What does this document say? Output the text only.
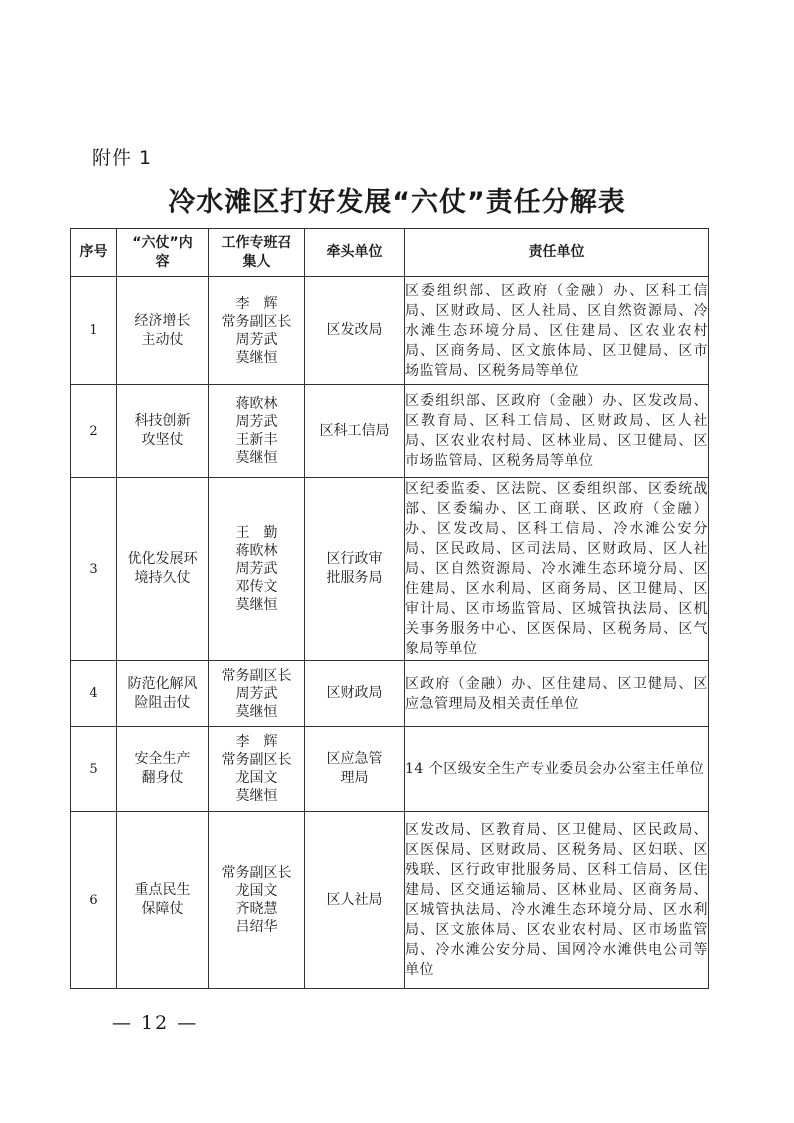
附件 1
冷水滩区打好发展“六仗”责任分解表
序号	“六仗”内容	工作专班召集人	牵头单位	责任单位
1	经济增长主动仗	李　辉
常务副区长
周芳武
莫继恒	区发改局	区委组织部、区政府（金融）办、区科工信局、区财政局、区人社局、区自然资源局、冷水滩生态环境分局、区住建局、区农业农村局、区商务局、区文旅体局、区卫健局、区市场监管局、区税务局等单位
2	科技创新攻坚仗	蒋欧林
周芳武
王新丰
莫继恒	区科工信局	区委组织部、区政府（金融）办、区发改局、区教育局、区科工信局、区财政局、区人社局、区农业农村局、区林业局、区卫健局、区市场监管局、区税务局等单位
3	优化发展环境持久仗	王　勤
蒋欧林
周芳武
邓传文
莫继恒	区行政审批服务局	区纪委监委、区法院、区委组织部、区委统战部、区委编办、区工商联、区政府（金融）办、区发改局、区科工信局、冷水滩公安分局、区民政局、区司法局、区财政局、区人社局、区自然资源局、冷水滩生态环境分局、区住建局、区水利局、区商务局、区卫健局、区审计局、区市场监管局、区城管执法局、区机关事务服务中心、区医保局、区税务局、区气象局等单位
4	防范化解风险阻击仗	常务副区长
周芳武
莫继恒	区财政局	区政府（金融）办、区住建局、区卫健局、区应急管理局及相关责任单位
5	安全生产翻身仗	李　辉
常务副区长
龙国文
莫继恒	区应急管理局	14 个区级安全生产专业委员会办公室主任单位
6	重点民生保障仗	常务副区长
龙国文
齐晓慧
吕绍华	区人社局	区发改局、区教育局、区卫健局、区民政局、区医保局、区财政局、区税务局、区妇联、区残联、区行政审批服务局、区科工信局、区住建局、区交通运输局、区林业局、区商务局、区城管执法局、冷水滩生态环境分局、区水利局、区文旅体局、区农业农村局、区市场监管局、冷水滩公安分局、国网冷水滩供电公司等单位
— 12 —
